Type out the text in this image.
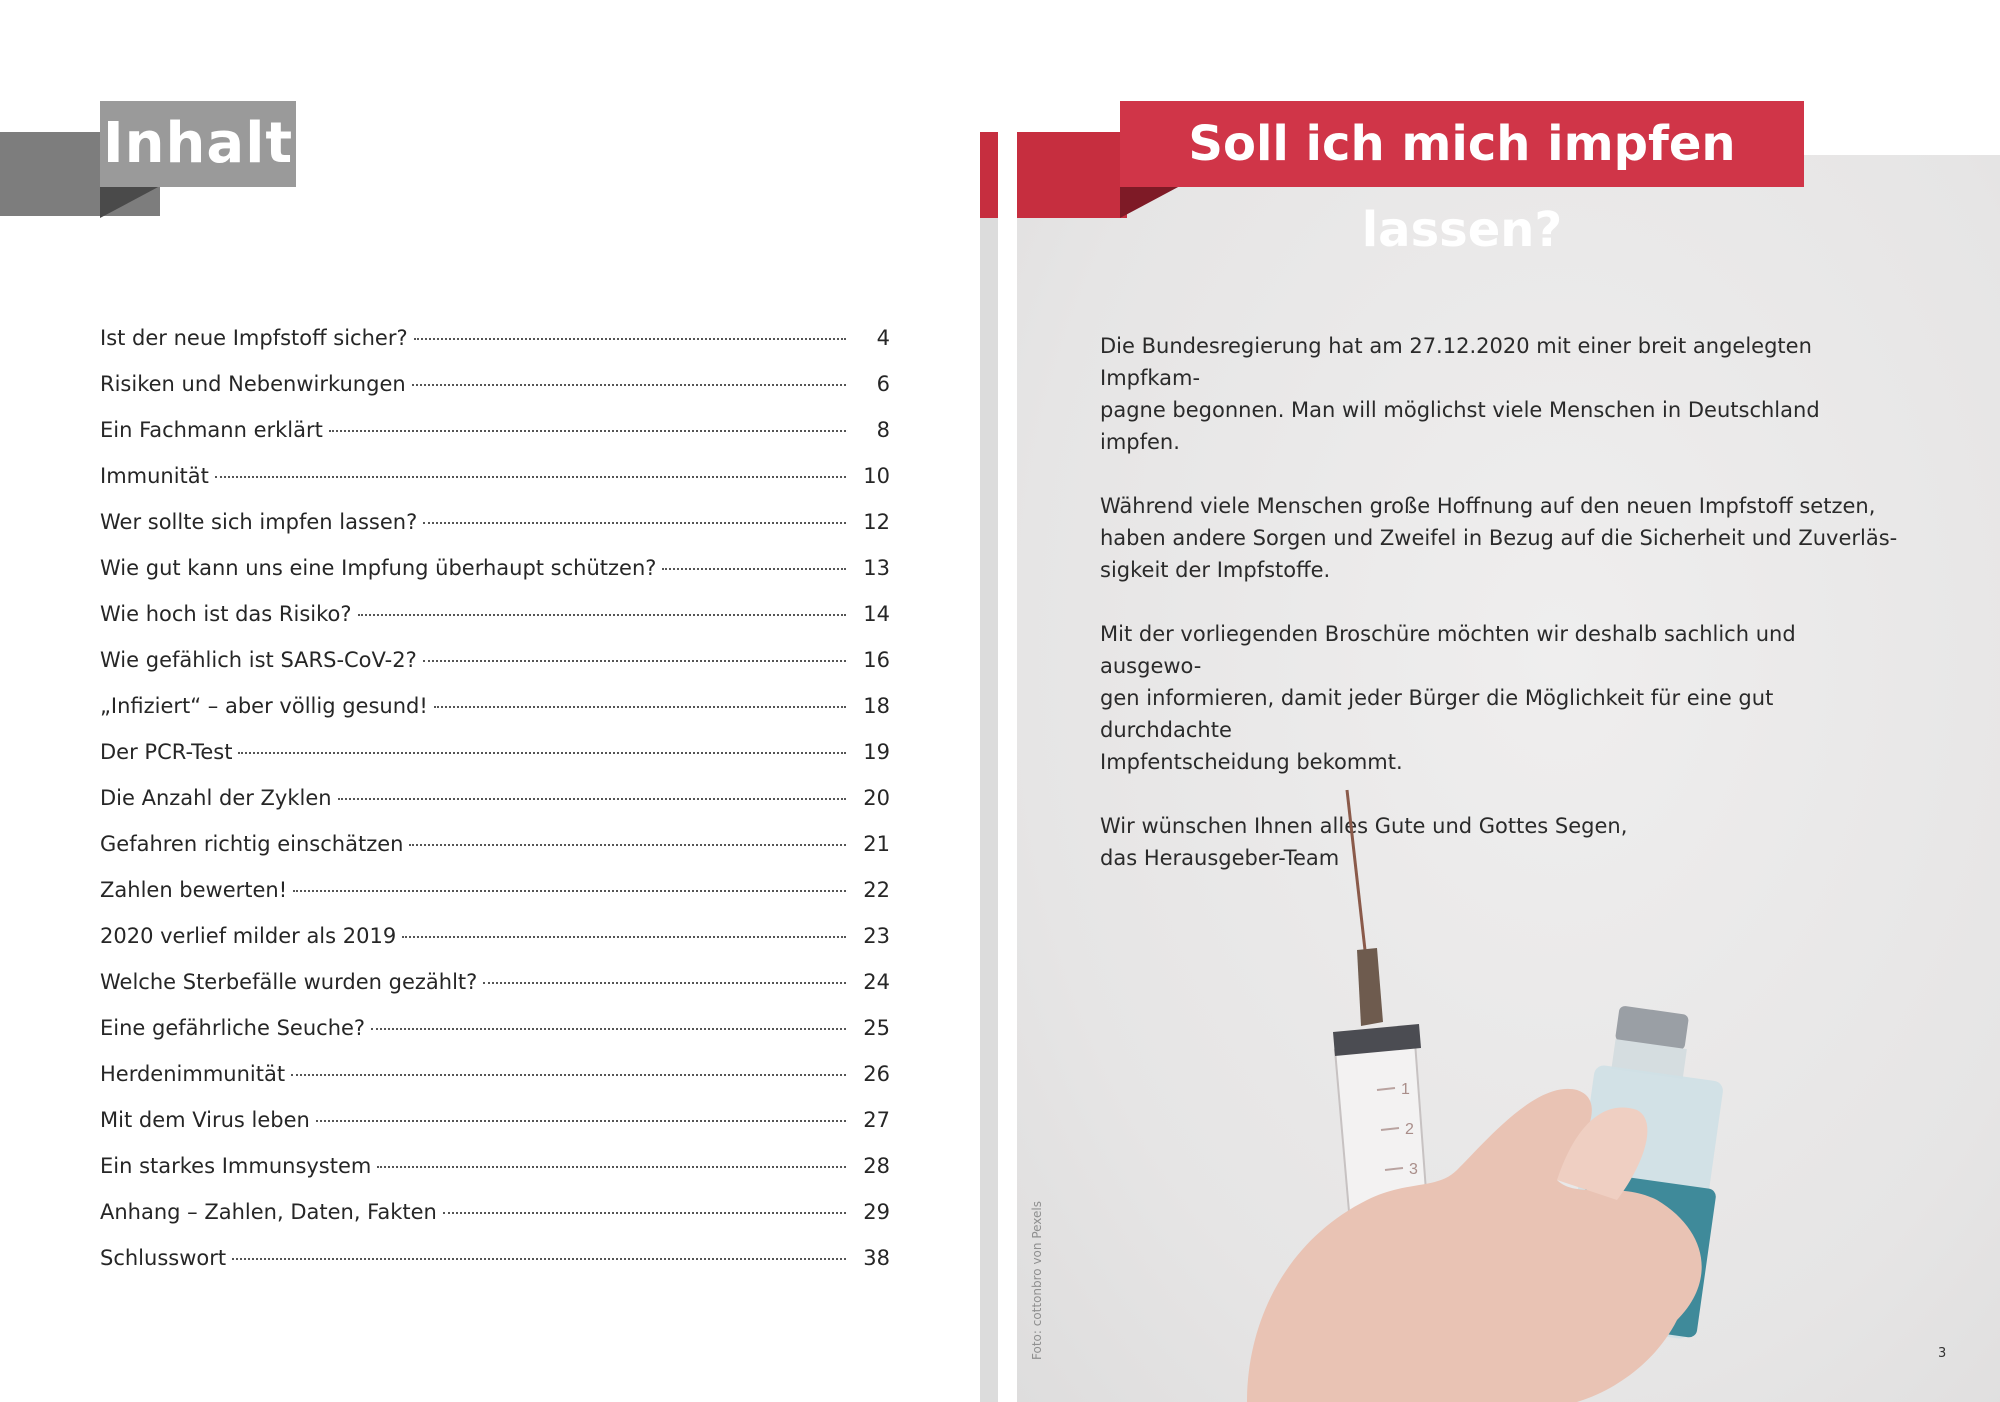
Inhalt
Ist der neue Impfstoff sicher?	4
Risiken und Nebenwirkungen	6
Ein Fachmann erklärt	8
Immunität	10
Wer sollte sich impfen lassen?	12
Wie gut kann uns eine Impfung überhaupt schützen?	13
Wie hoch ist das Risiko?	14
Wie gefählich ist SARS-CoV-2?	16
„Infiziert“ – aber völlig gesund!	18
Der PCR-Test	19
Die Anzahl der Zyklen	20
Gefahren richtig einschätzen	21
Zahlen bewerten!	22
2020 verlief milder als 2019	23
Welche Sterbefälle wurden gezählt?	24
Eine gefährliche Seuche?	25
Herdenimmunität	26
Mit dem Virus leben	27
Ein starkes Immunsystem	28
Anhang – Zahlen, Daten, Fakten	29
Schlusswort	38
Soll ich mich impfen lassen?

Die Bundesregierung hat am 27.12.2020 mit einer breit angelegten Impfkam-
pagne begonnen. Man will möglichst viele Menschen in Deutschland impfen.

Während viele Menschen große Hoffnung auf den neuen Impfstoff setzen,
haben andere Sorgen und Zweifel in Bezug auf die Sicherheit und Zuverläs-
sigkeit der Impfstoffe.

Mit der vorliegenden Broschüre möchten wir deshalb sachlich und ausgewo-
gen informieren, damit jeder Bürger die Möglichkeit für eine gut durchdachte
Impfentscheidung bekommt.

Wir wünschen Ihnen alles Gute und Gottes Segen,
das Herausgeber-Team

1
2
3
Foto: cottonbro von Pexels	3
